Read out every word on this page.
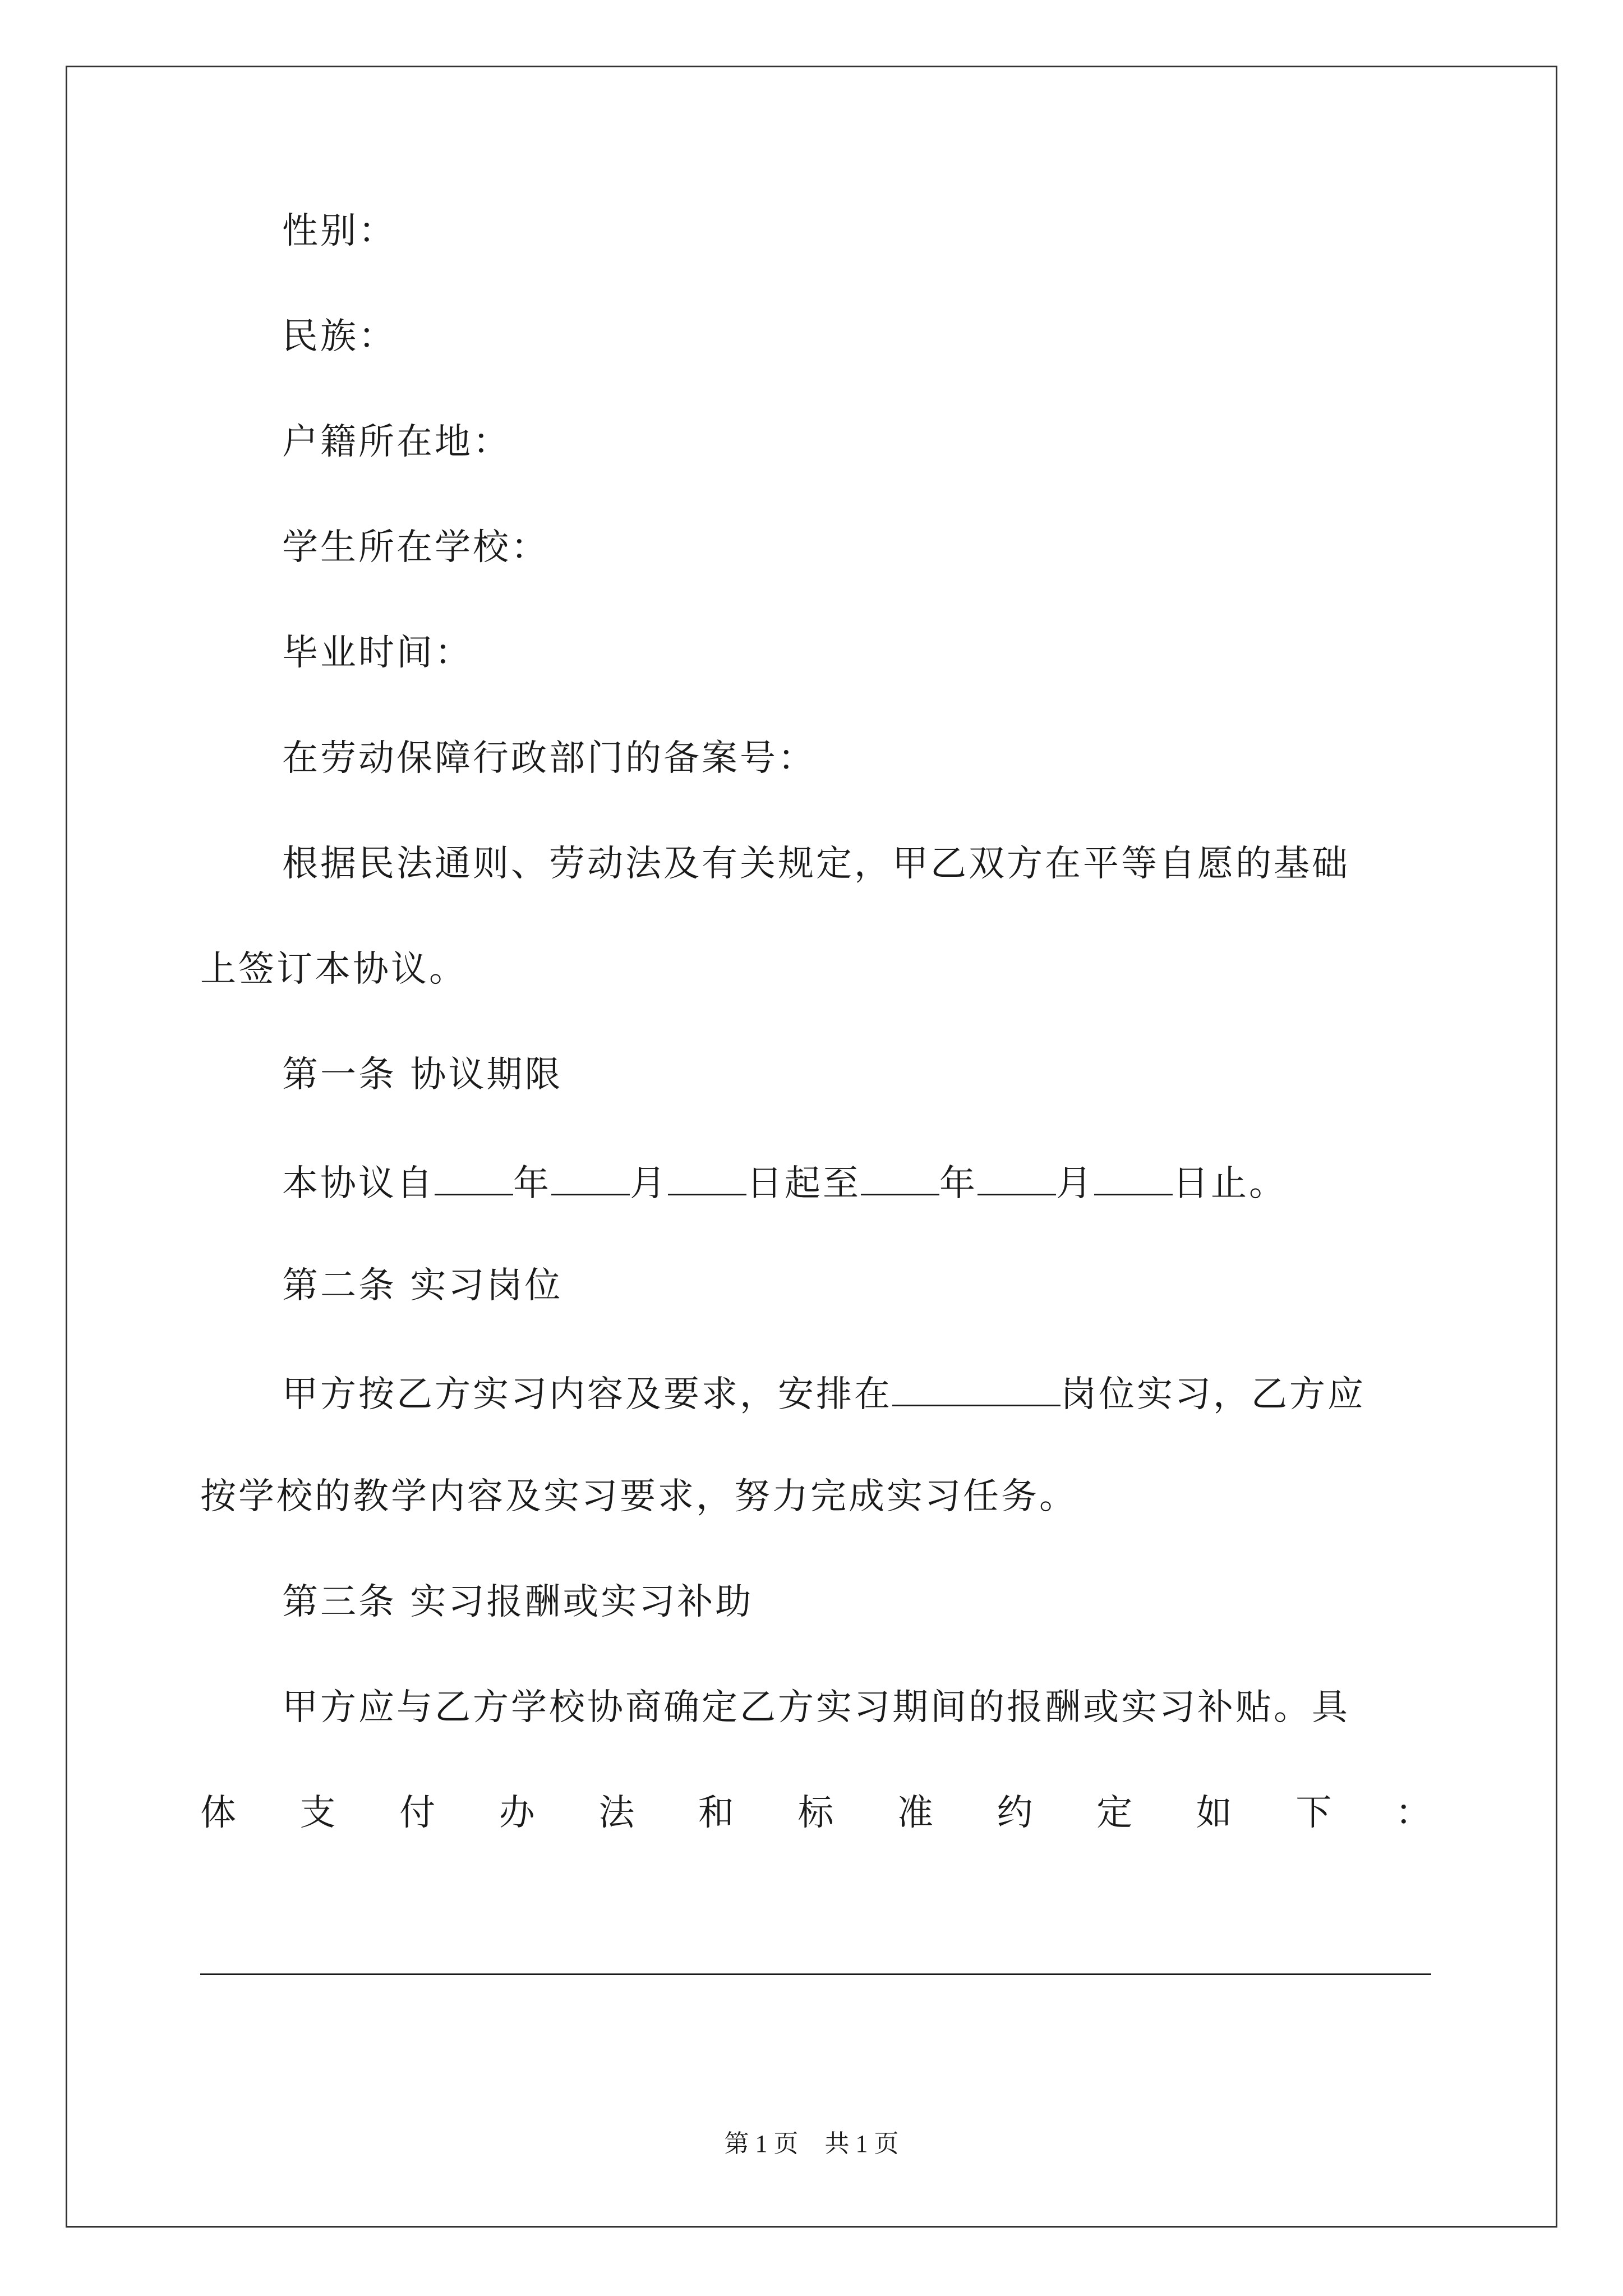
性别：
民族：
户籍所在地：
学生所在学校：
毕业时间：
在劳动保障行政部门的备案号：
根据民法通则、劳动法及有关规定，甲乙双方在平等自愿的基础
上签订本协议。
第一条 协议期限
本协议自 年 月 日起至 年 月 日止。
第二条 实习岗位
甲方按乙方实习内容及要求，安排在	岗位实习，乙方应
按学校的教学内容及实习要求，努力完成实习任务。
第三条 实习报酬或实习补助
甲方应与乙方学校协商确定乙方实习期间的报酬或实习补贴。具
体 支 付 办 法 和 标 准 约 定 如 下 ：
第 1 页 共 1 页
